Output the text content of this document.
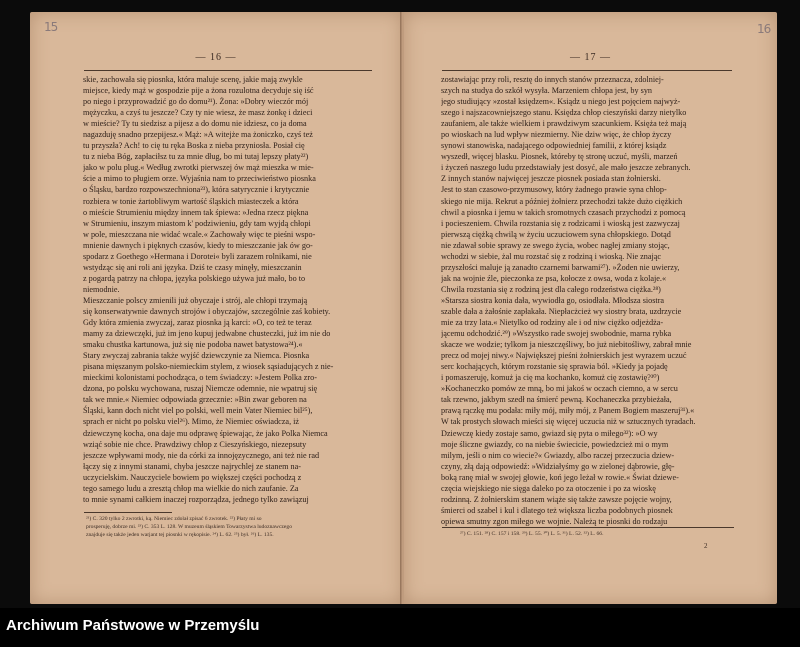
— 16 —
skie, zachowała się piosnka, która maluje scenę, jakie mają zwykle
miejsce, kiedy mąż w gospodzie pije a żona rozulotna decyduje się iść
po niego i przyprowadzić go do domu²¹). Żona: »Dobry wieczór mój
mężyczku, a czyś tu jeszcze? Czy ty nie wiesz, że masz żonkę i dzieci
w mieście? Ty tu siedzisz a pijesz a do domu nie idziesz, co ja doma
nagazduję snadno przepijesz.« Mąż: »A witejże ma żoniczko, czyś też
tu przyszła? Ach! to cię tu ręka Boska z nieba przyniosła. Posiał cię
tu z nieba Bóg, zapłaciłsz tu za mnie dług, bo mi tutaj lepszy płaty²²)
jako w polu plug.« Według zwrotki pierwszej ów mąż mieszka w mie-
ście a mimo to pługiem orze. Wyjaśnia nam to przeciwieństwo piosnka
o Śląsku, bardzo rozpowszechniona²³), która satyrycznie i krytycznie
rozbiera w tonie żartobliwym wartość śląskich miasteczek a która
o mieście Strumieniu między innem tak śpiewa: »Jedna rzecz piękna
w Strumieniu, inszym miastom k' podziwieniu, gdy tam wyjdą chłopi
w pole, mieszczana nie widać wcale.« Zachowały więc te pieśni wspo-
mnienie dawnych i pięknych czasów, kiedy to mieszczanie jak ów go-
spodarz z Goethego »Hermana i Dorotei« byli zarazem rolnikami, nie
wstydząc się ani roli ani języka. Dziś te czasy minęły, mieszczanin
z pogardą patrzy na chłopa, języka polskiego używa już mało, bo to
niemodnie.
Mieszczanie polscy zmienili już obyczaje i strój, ale chłopi trzymają
się konserwatywnie dawnych strojów i obyczajów, szczególnie zaś kobiety.
Gdy która zmienia zwyczaj, zaraz piosnka ją karci: »O, co też te teraz
mamy za dziewczęki, już im jeno kupuj jedwabne chusteczki, już im nie do
smaku chustka kartunowa, już się nie podoba nawet batystowa²⁴).«
Stary zwyczaj zabrania także wyjść dziewczynie za Niemca. Piosnka
pisana mięszanym polsko-niemieckim stylem, z wiosek sąsiadujących z nie-
mieckimi kolonistami pochodząca, o tem świadczy: »Jestem Polka zro-
dzona, po polsku wychowana, ruszaj Niemcze odemnie, nie wpatruj się
tak we mnie.« Niemiec odpowiada grzecznie: »Bin zwar geboren na
Śląski, kann doch nicht viel po polski, well mein Vater Niemiec bil²⁵),
sprach er nicht po polsku viel²⁶). Mimo, że Niemiec oświadcza, iż
dziewczynę kocha, ona daje mu odprawę śpiewając, że jako Polka Niemca
wziąć sobie nie chce. Prawdziwy chłop z Cieszyńskiego, niezepsuty
jeszcze wpływami mody, nie da córki za innojęzycznego, ani też nie rad
łączy się z innymi stanami, chyba jeszcze najrychlej ze stanem na-
uczycielskim. Nauczyciele bowiem po większej części pochodzą z
tego samego ludu a zresztą chłop ma wielkie do nich zaufanie. Za
to mnie synami całkiem inaczej rozporządza, jednego tylko zawiązuj
²¹) C. 320 tylko 2 zwrotki, ką. Niemiec zdolał zpisać 6 zwrotek. ²²) Płaty mi so
prosperuję, dobrze mi. ²³) C. 353 L. 128. W muzeum śląskiem Towarzystwa ludoznawczego
znajduje się także jeden warjant tej piosnki w rękopisie. ²⁴) L. 62. ²⁵) był. ²⁶) L. 135.
— 17 —
zostawiając przy roli, resztę do innych stanów przeznacza, zdolniej-
szych na studya do szkół wysyła. Marzeniem chłopa jest, by syn
jego studiujący »został księdzem«. Ksiądz u niego jest pojęciem najwyż-
szego i najszacowniejszego stanu. Księdza chłop cieszyński darzy nietylko
zaufaniem, ale także wielkiem i prawdziwym szacunkiem. Księża też mają
po wioskach na lud wpływ niezmierny. Nie dziw więc, że chłop życzy
synowi stanowiska, nadającego odpowiedniej familii, z której ksiądz
wyszedł, więcej blasku. Piosnek, któreby tę stronę uczuć, myśli, marzeń
i życzeń naszego ludu przedstawiały jest dosyć, ale mało jeszcze zebranych.
Z innych stanów najwięcej jeszcze piosnek posiada stan żołnierski.
Jest to stan czasowo-przymusowy, który żadnego prawie syna chłop-
skiego nie mija. Rekrut a później żołnierz przechodzi także dużo ciężkich
chwil a piosnka i jemu w takich sromotnych czasach przychodzi z pomocą
i pocieszeniem. Chwila rozstania się z rodzicami i wioską jest zazwyczaj
pierwszą ciężką chwilą w życiu uczuciowem syna chłopskiego. Dotąd
nie zdawał sobie sprawy ze swego życia, wobec nagłej zmiany stojąc,
wchodzi w siebie, żal mu rozstać się z rodziną i wioską. Nie znając
przyszłości maluje ją zanadto czarnemi barwami²⁷). »Żoden nie uwierzy,
jak na wojnie źle, pieczonka ze psa, kołocze z owsa, woda z kolaje.«
Chwila rozstania się z rodziną jest dla całego rodzeństwa ciężka.²⁸)
»Starsza siostra konia dała, wywiodła go, osiodłała. Młodsza siostra
szable dała a żałośnie zapłakała. Niepłacżcież wy siostry brata, uzdrzycie
mie za trzy lata.« Nietylko od rodziny ale i od niw ciężko odjeżdża-
jącemu odchodzić.²⁹) »Wszystko rade swojej swobodnie, marna rybka
skacze we wodzie; tylkom ja nieszczęśliwy, bo już niebitośliwy, zabrał mnie
precz od mojej niwy.« Największej pieśni żołnierskich jest wyrazem uczuć
serc kochających, którym rozstanie się sprawia ból. »Kiedy ja pojadę
i pomaszeruję, komuż ja cię ma kochanko, komuż cię zostawię?³⁰)
»Kochaneczko pomów ze mną, bo mi jakoś w oczach ciemno, a w sercu
tak rzewno, jakbym szedł na śmierć pewną. Kochaneczka przybieżała,
prawą rączkę mu podała: miły mój, miły mój, z Panem Bogiem maszeruj³¹).«
W tak prostych słowach mieści się więcej uczucia niż w sztucznych tyradach.
Dziewczę kiedy zostaje samo, gwiazd się pyta o miłego³²): »O wy
moje śliczne gwiazdy, co na niebie świecicie, powiedzcież mi o mym
milym, jeśli o nim co wiecie?« Gwiazdy, albo raczej przeczucia dziew-
czyny, złą dają odpowiedź: »Widziałyśmy go w zielonej dąbrowie, głę-
boką ranę miał w swojej głowie, koń jego leżał w rowie.« Świat dziewe-
częcia wiejskiego nie sięga daleko po za otoczenie i po za wioskę
rodzinną. Z żołnierskim stanem wiąże się także zawsze pojęcie wojny,
śmierci od szabel i kul i dlatego też większa liczba podobnych piosnek
opiewa smutny zgon miłego we wojnie. Należą te piosnki do rodzaju
²⁷) C. 151. ²⁸) C. 157 i 158. ²⁹) L. 55. ³⁰) L. 5. ³¹) L. 52. ³²) L. 66.
2
15	16
Archiwum Państwowe w Przemyślu
